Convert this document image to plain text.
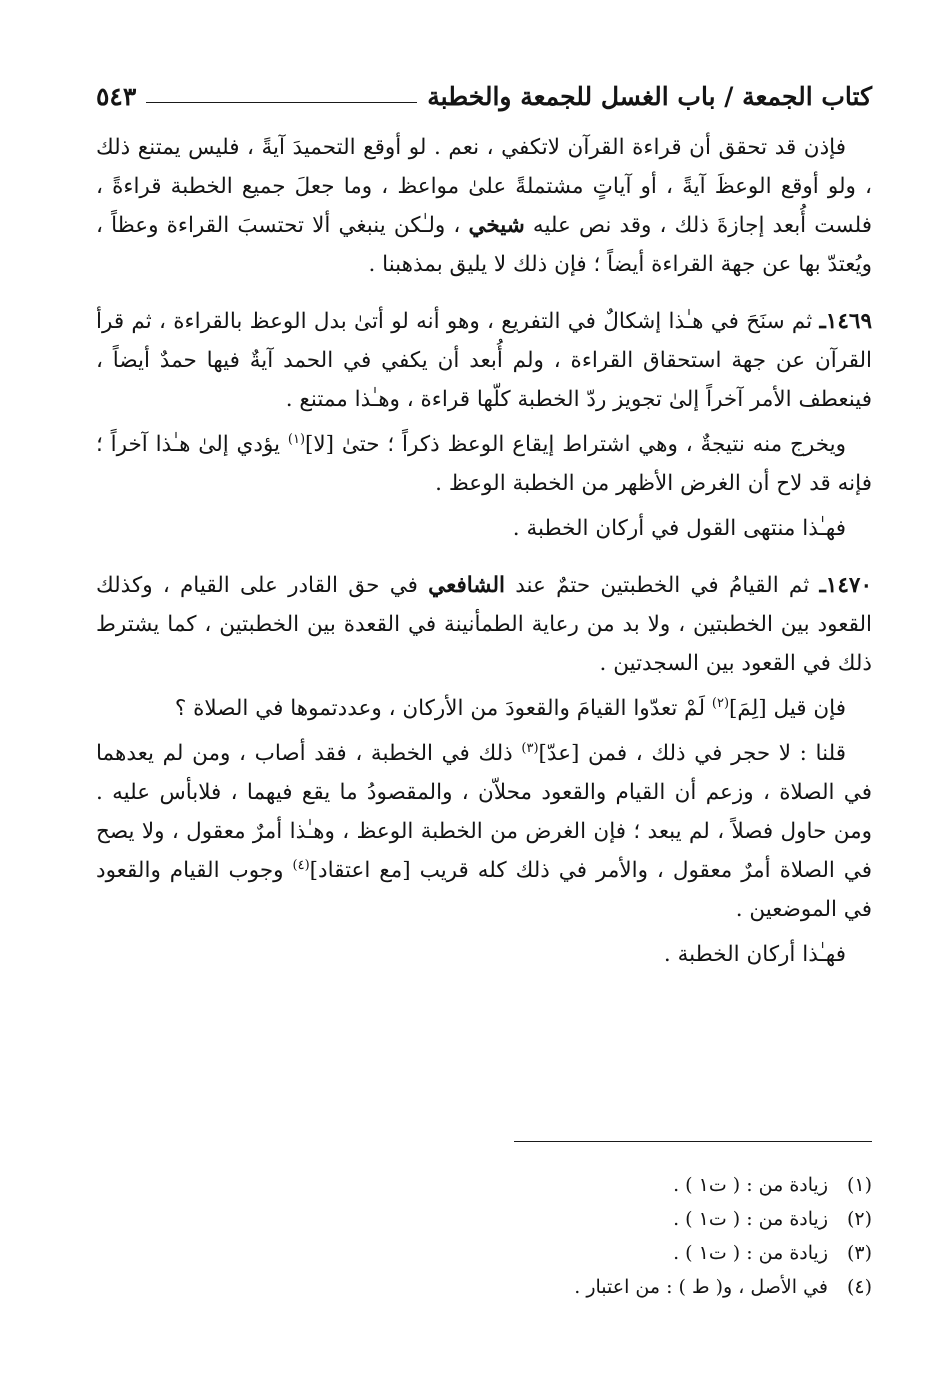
كتاب الجمعة / باب الغسل للجمعة والخطبة
٥٤٣

فإذن قد تحقق أن قراءة القرآن لاتكفي ، نعم . لو أوقع التحميدَ آيةً ، فليس يمتنع ذلك ، ولو أوقع الوعظَ آيةً ، أو آياتٍ مشتملةً علىٰ مواعظ ، وما جعلَ جميع الخطبة قراءةً ، فلست أُبعد إجازةَ ذلك ، وقد نص عليه شيخي ، ولـٰكن ينبغي ألا تحتسبَ القراءة وعظاً ، ويُعتدّ بها عن جهة القراءة أيضاً ؛ فإن ذلك لا يليق بمذهبنا .

١٤٦٩ـ ثم سنَحَ في هـٰذا إشكالٌ في التفريع ، وهو أنه لو أتىٰ بدل الوعظ بالقراءة ، ثم قرأ القرآن عن جهة استحقاق القراءة ، ولم أُبعد أن يكفي في الحمد آيةٌ فيها حمدٌ أيضاً ، فينعطف الأمر آخراً إلىٰ تجويز ردّ الخطبة كلّها قراءة ، وهـٰذا ممتنع .

ويخرج منه نتيجةٌ ، وهي اشتراط إيقاع الوعظ ذكراً ؛ حتىٰ [لا]$^{(١)}$ يؤدي إلىٰ هـٰذا آخراً ؛ فإنه قد لاح أن الغرض الأظهر من الخطبة الوعظ .

فهـٰذا منتهى القول في أركان الخطبة .

١٤٧٠ـ ثم القيامُ في الخطبتين حتمٌ عند الشافعي في حق القادر على القيام ، وكذلك القعود بين الخطبتين ، ولا بد من رعاية الطمأنينة في القعدة بين الخطبتين ، كما يشترط ذلك في القعود بين السجدتين .

فإن قيل [لِمَ]$^{(٢)}$ لَمْ تعدّوا القيامَ والقعودَ من الأركان ، وعددتموها في الصلاة ؟

قلنا : لا حجر في ذلك ، فمن [عدّ]$^{(٣)}$ ذلك في الخطبة ، فقد أصاب ، ومن لم يعدهما في الصلاة ، وزعم أن القيام والقعود محلاّن ، والمقصودُ ما يقع فيهما ، فلابأس عليه . ومن حاول فصلاً ، لم يبعد ؛ فإن الغرض من الخطبة الوعظ ، وهـٰذا أمرٌ معقول ، ولا يصح في الصلاة أمرٌ معقول ، والأمر في ذلك كله قريب [مع اعتقاد]$^{(٤)}$ وجوب القيام والقعود في الموضعين .

فهـٰذا أركان الخطبة .

(١)
زيادة من : ( ت١ ) .
(٢)
زيادة من : ( ت١ ) .
(٣)
زيادة من : ( ت١ ) .
(٤)
في الأصل ، و( ط ) : من اعتبار .
